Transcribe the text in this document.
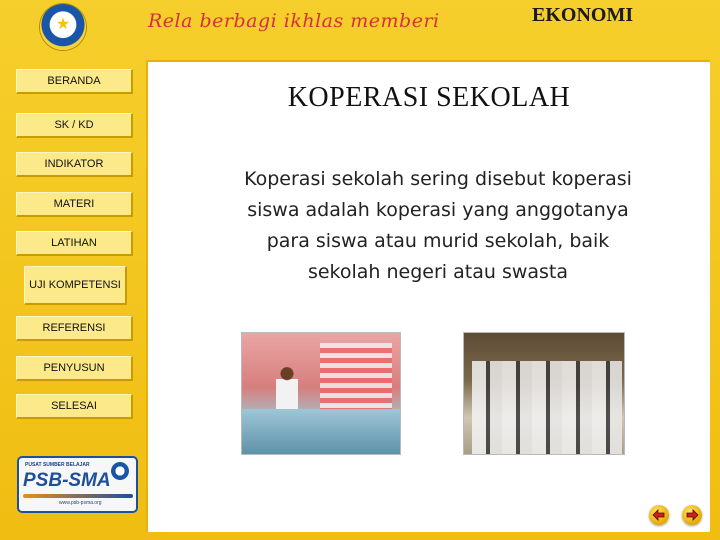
★	Rela berbagi ikhlas memberi	EKONOMI
BERANDA
SK / KD
INDIKATOR
MATERI
LATIHAN
UJI KOMPETENSI
REFERENSI
PENYUSUN
SELESAI
PUSAT SUMBER BELAJAR
PSB-SMA
www.psb-psma.org
KOPERASI SEKOLAH
Koperasi sekolah sering disebut koperasi
siswa adalah koperasi yang anggotanya
para siswa atau murid sekolah, baik
sekolah negeri atau swasta
